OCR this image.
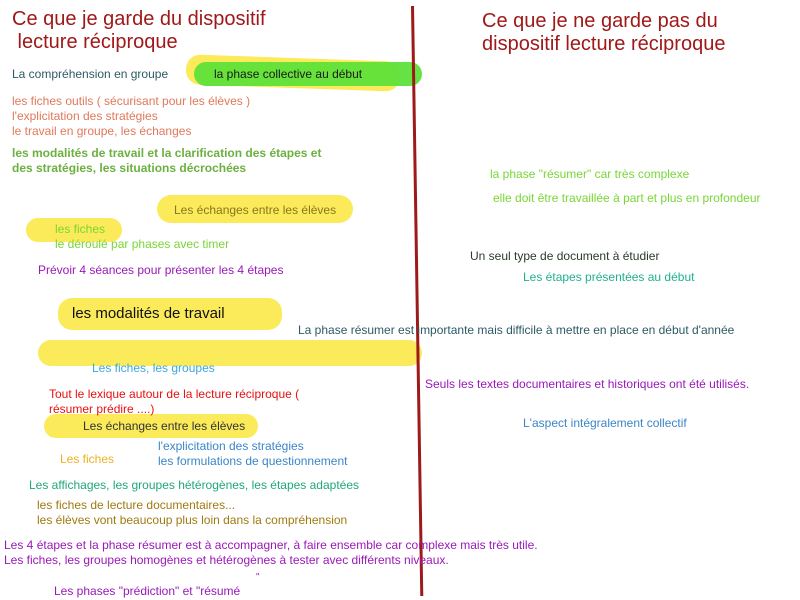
Ce que je garde du dispositif
lecture réciproque
Ce que je ne garde pas du
dispositif lecture réciproque
La compréhension en groupe	la phase collective au début
les fiches outils ( sécurisant pour les élèves )
l'explicitation des stratégies
le travail en groupe, les échanges
les modalités de travail et la clarification des étapes et
des stratégies, les situations décrochées
Les échanges entre les élèves
les fiches
le déroulé par phases avec timer
Prévoir 4 séances pour présenter les 4 étapes
les modalités de travail
Les fiches, les groupes
Tout le lexique autour de la lecture réciproque (
résumer prédire ....)
Les échanges entre les élèves
l'explicitation des stratégies
les formulations de questionnement
Les fiches
Les affichages, les groupes hétérogènes, les étapes adaptées
les fiches de lecture documentaires...
les élèves vont beaucoup plus loin dans la compréhension
Les 4 étapes et la phase résumer est à accompagner, à faire ensemble car complexe mais très utile.
Les fiches, les groupes homogènes et hétérogènes à tester avec différents niveaux.
"
Les phases "prédiction" et "résumé
la phase "résumer" car très complexe
elle doit être travaillée à part et plus en profondeur
Un seul type de document à étudier
Les étapes présentées au début
La phase résumer est importante mais difficile à mettre en place en début d'année
Seuls les textes documentaires et historiques ont été utilisés.
L'aspect intégralement collectif
